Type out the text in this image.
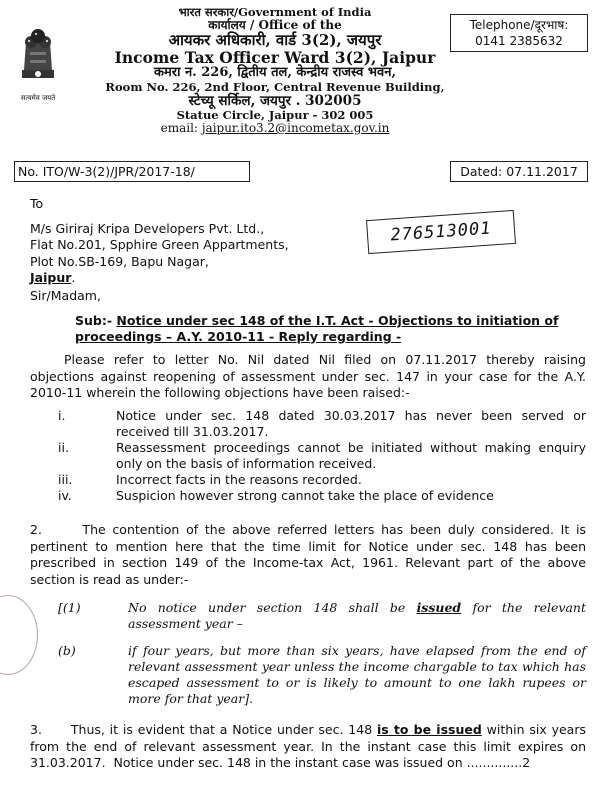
सत्यमेव जयते
भारत सरकार/Government of India
कार्यालय / Office of the
आयकर अधिकारी, वार्ड 3(2), जयपुर
Income Tax Officer Ward 3(2), Jaipur
कमरा न. 226, द्वितीय तल, केन्द्रीय राजस्व भवन,
Room No. 226, 2nd Floor, Central Revenue Building,
स्टेच्यू सर्किल, जयपुर . 302005
Statue Circle, Jaipur - 302 005
email: jaipur.ito3.2@incometax.gov.in
Telephone/दूरभाष:
0141 2385632
No. ITO/W-3(2)/JPR/2017-18/	Dated: 07.11.2017
To
M/s Giriraj Kripa Developers Pvt. Ltd.,
Flat No.201, Spphire Green Appartments,
Plot No.SB-169, Bapu Nagar,
Jaipur.
276513001
Sir/Madam,
Sub:- Notice under sec 148 of the I.T. Act - Objections to initiation of proceedings – A.Y. 2010-11 - Reply regarding -
Please refer to letter No. Nil dated Nil filed on 07.11.2017 thereby raising objections against reopening of assessment under sec. 147 in your case for the A.Y. 2010-11 wherein the following objections have been raised:-
i.	Notice under sec. 148 dated 30.03.2017 has never been served or received till 31.03.2017.
ii.	Reassessment proceedings cannot be initiated without making enquiry only on the basis of information received.
iii.	Incorrect facts in the reasons recorded.
iv.	Suspicion however strong cannot take the place of evidence
2.      The contention of the above referred letters has been duly considered. It is pertinent to mention here that the time limit for Notice under sec. 148 has been prescribed in section 149 of the Income-tax Act, 1961. Relevant part of the above section is read as under:-
[(1)	No notice under section 148 shall be issued for the relevant assessment year –
(b)	if four years, but more than six years, have elapsed from the end of relevant assessment year unless the income chargable to tax which has escaped assessment to or is likely to amount to one lakh rupees or more for that year].
3.      Thus, it is evident that a Notice under sec. 148 is to be issued within six years from the end of relevant assessment year. In the instant case this limit expires on 31.03.2017.  Notice under sec. 148 in the instant case was issued on ..............2
